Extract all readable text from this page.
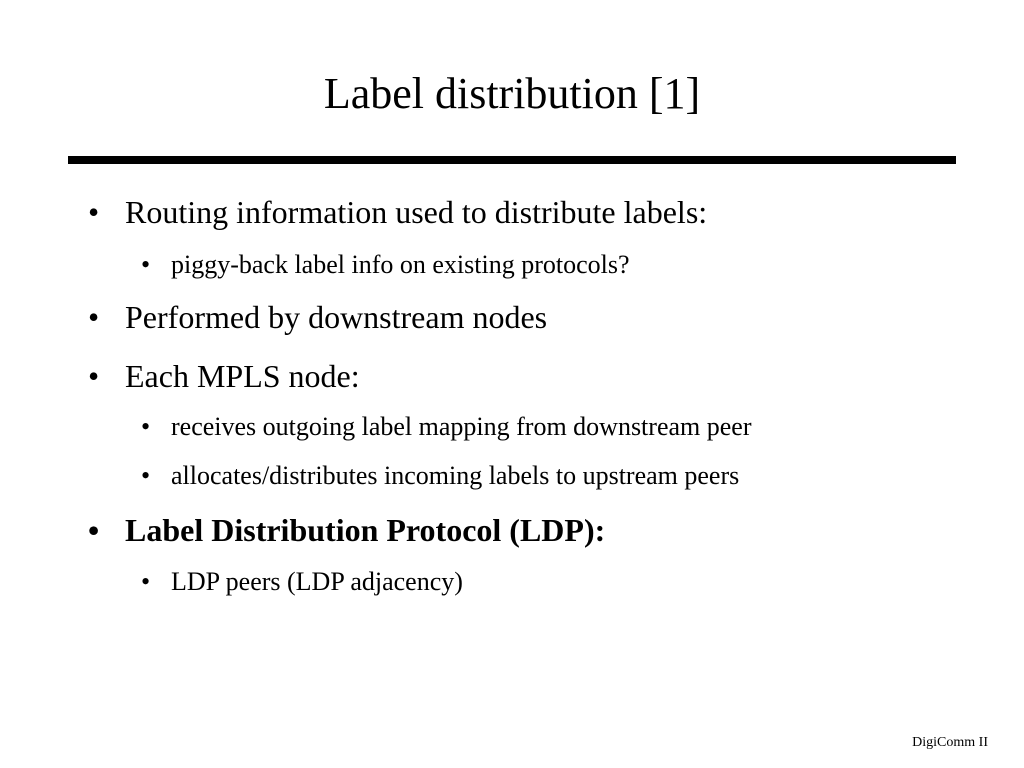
Label distribution [1]
• Routing information used to distribute labels:
• piggy-back label info on existing protocols?
• Performed by downstream nodes
• Each MPLS node:
• receives outgoing label mapping from downstream peer
• allocates/distributes incoming labels to upstream peers
• Label Distribution Protocol (LDP):
• LDP peers (LDP adjacency)
DigiComm II
